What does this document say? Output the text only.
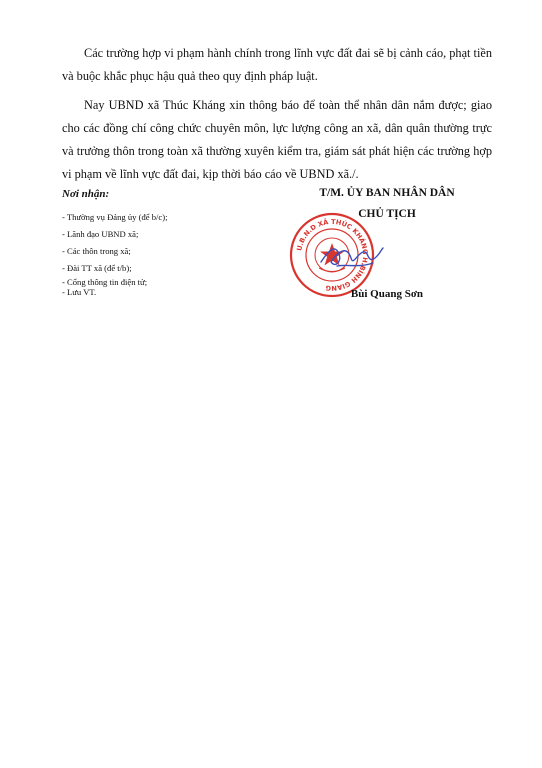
Các trường hợp vi phạm hành chính trong lĩnh vực đất đai sẽ bị cảnh cáo, phạt tiền và buộc khắc phục hậu quả theo quy định pháp luật.

Nay UBND xã Thúc Kháng xin thông báo để toàn thể nhân dân nắm được; giao cho các đồng chí công chức chuyên môn, lực lượng công an xã, dân quân thường trực và trưởng thôn trong toàn xã thường xuyên kiểm tra, giám sát phát hiện các trường hợp vi phạm về lĩnh vực đất đai, kịp thời báo cáo về UBND xã./.

Nơi nhận:
- Thường vụ Đảng ủy (để b/c);
- Lãnh đạo UBND xã;
- Các thôn trong xã;
- Đài TT xã (để t/b);
- Cổng thông tin điện tử;
- Lưu VT.
T/M. ỦY BAN NHÂN DÂN
CHỦ TỊCH
U.B.N.D XÃ THÚC KHÁNG H.BÌNH GIANG
Bùi Quang Sơn
